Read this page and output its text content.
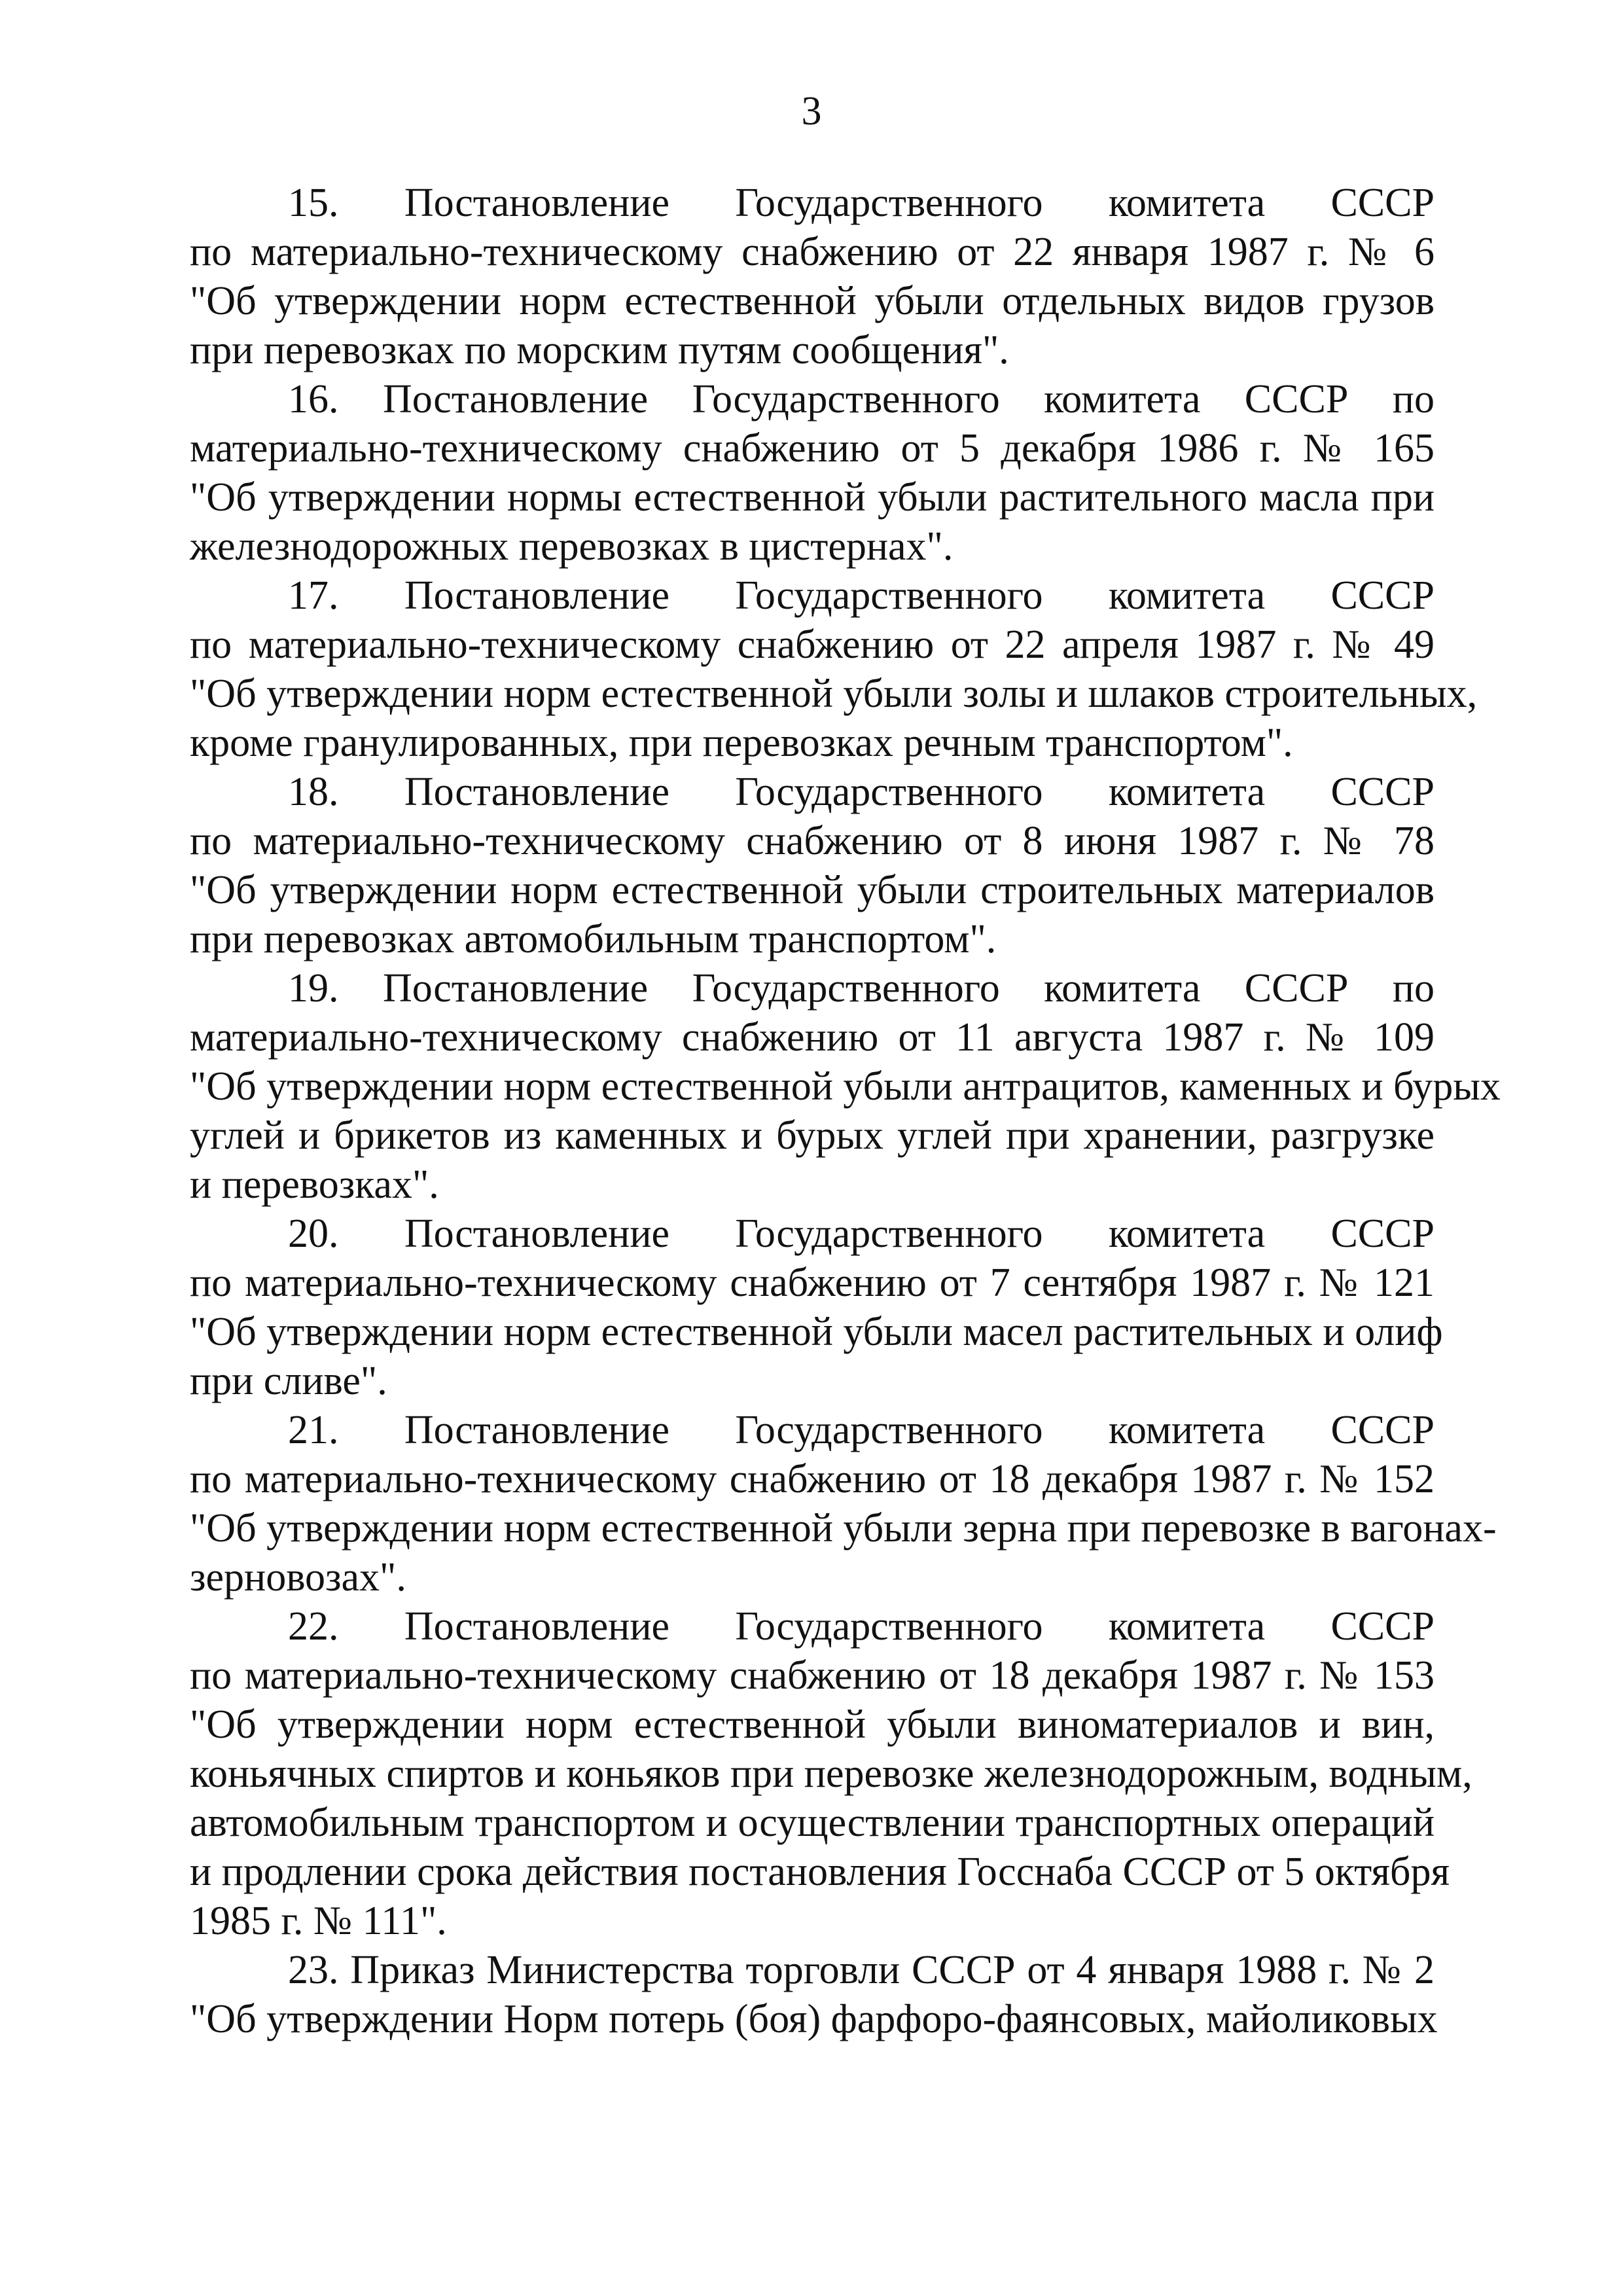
3
15. Постановление Государственного комитета СССР
по материально-техническому снабжению от 22 января 1987 г. № 6
"Об утверждении норм естественной убыли отдельных видов грузов
при перевозках по морским путям сообщения".
16. Постановление Государственного комитета СССР по
материально-техническому снабжению от 5 декабря 1986 г. № 165
"Об утверждении нормы естественной убыли растительного масла при
железнодорожных перевозках в цистернах".
17. Постановление Государственного комитета СССР
по материально-техническому снабжению от 22 апреля 1987 г. № 49
"Об утверждении норм естественной убыли золы и шлаков строительных,
кроме гранулированных, при перевозках речным транспортом".
18. Постановление Государственного комитета СССР
по материально-техническому снабжению от 8 июня 1987 г. № 78
"Об утверждении норм естественной убыли строительных материалов
при перевозках автомобильным транспортом".
19. Постановление Государственного комитета СССР по
материально-техническому снабжению от 11 августа 1987 г. № 109
"Об утверждении норм естественной убыли антрацитов, каменных и бурых
углей и брикетов из каменных и бурых углей при хранении, разгрузке
и перевозках".
20. Постановление Государственного комитета СССР
по материально-техническому снабжению от 7 сентября 1987 г. № 121
"Об утверждении норм естественной убыли масел растительных и олиф
при сливе".
21. Постановление Государственного комитета СССР
по материально-техническому снабжению от 18 декабря 1987 г. № 152
"Об утверждении норм естественной убыли зерна при перевозке в вагонах-
зерновозах".
22. Постановление Государственного комитета СССР
по материально-техническому снабжению от 18 декабря 1987 г. № 153
"Об утверждении норм естественной убыли виноматериалов и вин,
коньячных спиртов и коньяков при перевозке железнодорожным, водным,
автомобильным транспортом и осуществлении транспортных операций
и продлении срока действия постановления Госснаба СССР от 5 октября
1985 г. № 111".
23. Приказ Министерства торговли СССР от 4 января 1988 г. № 2
"Об утверждении Норм потерь (боя) фарфоро-фаянсовых, майоликовых
